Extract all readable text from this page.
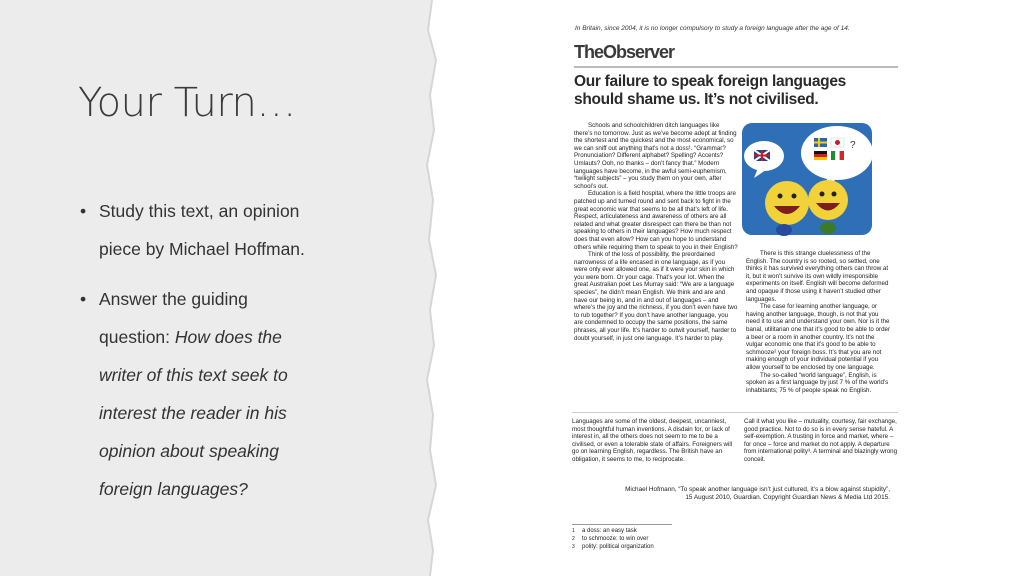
Your Turn…
• Study this text, an opinion
piece by Michael Hoffman.
• Answer the guiding
question: How does the
writer of this text seek to
interest the reader in his
opinion about speaking
foreign languages?
In Britain, since 2004, it is no longer compulsory to study a foreign language after the age of 14.
TheObserver
Our failure to speak foreign languages
should shame us. It’s not civilised.

Schools and schoolchildren ditch languages like there’s no tomorrow. Just as we’ve become adept at finding the shortest and the quickest and the most economical, so we can sniff out anything that’s not a doss¹. “Grammar? Pronunciation? Different alphabet? Spelling? Accents? Umlauts? Ooh, no thanks – don’t fancy that.” Modern languages have become, in the awful semi-euphemism, “twilight subjects” – you study them on your own, after school’s out.

Education is a field hospital, where the little troops are patched up and turned round and sent back to fight in the great economic war that seems to be all that’s left of life. Respect, articulateness and awareness of others are all related and what greater disrespect can there be than not speaking to others in their languages? How much respect does that even allow? How can you hope to understand others while requiring them to speak to you in their English?

Think of the loss of possibility, the preordained narrowness of a life encased in one language, as if you were only ever allowed one, as if it were your skin in which you were born. Or your cage. That’s your lot. When the great Australian poet Les Murray said: “We are a language species”, he didn’t mean English. We think and are and have our being in, and in and out of languages – and where’s the joy and the richness, if you don’t even have two to rub together? If you don’t have another language, you are condemned to occupy the same positions, the same phrases, all your life. It’s harder to outwit yourself, harder to doubt yourself, in just one language. It’s harder to play.

?

There is this strange cluelessness of the English. The country is so rooted, so settled, one thinks it has survived everything others can throw at it, but it won’t survive its own wildly irresponsible experiments on itself. English will become deformed and opaque if those using it haven’t studied other languages.

The case for learning another language, or having another language, though, is not that you need it to use and understand your own. Nor is it the banal, utilitarian one that it’s good to be able to order a beer or a room in another country. It’s not the vulgar economic one that it’s good to be able to schmooze² your foreign boss. It’s that you are not making enough of your individual potential if you allow yourself to be enclosed by one language.

The so-called “world language”, English, is spoken as a first language by just 7 % of the world’s inhabitants; 75 % of people speak no English.

Languages are some of the oldest, deepest, uncanniest, most thoughtful human inventions. A disdain for, or lack of interest in, all the others does not seem to me to be a civilised, or even a tolerable state of affairs. Foreigners will go on learning English, regardless. The British have an obligation, it seems to me, to reciprocate.
Call it what you like – mutuality, courtesy, fair exchange, good practice. Not to do so is in every sense hateful. A self-exemption. A trusting in force and market, where – for once – force and market do not apply. A departure from international polity³. A terminal and blazingly wrong conceit.
Michael Hofmann, “To speak another language isn’t just cultured, it’s a blow against stupidity”,
15 August 2010, Guardian. Copyright Guardian News & Media Ltd 2015.
$^1$ a doss: an easy task
$^2$ to schmooze: to win over
$^3$ polity: political organization
